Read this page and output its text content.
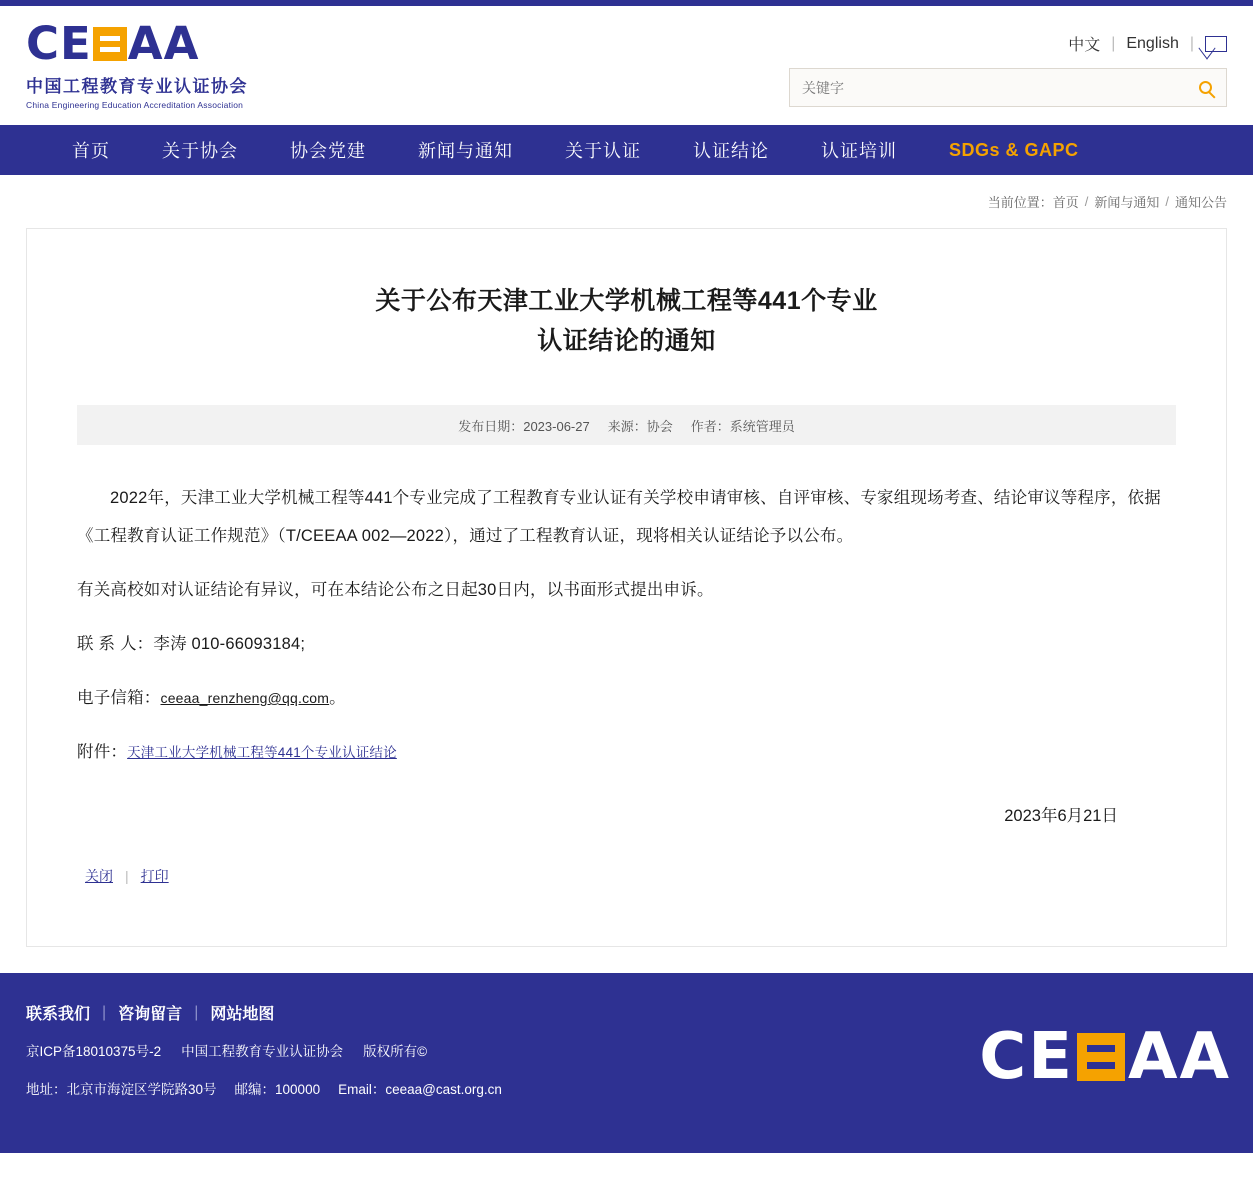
CE AA
中国工程教育专业认证协会
China Engineering Education Accreditation Association
中文 | English |
关键字
首页	关于协会	协会党建	新闻与通知	关于认证	认证结论	认证培训	SDGs & GAPC
当前位置： 首页 / 新闻与通知 / 通知公告
关于公布天津工业大学机械工程等441个专业
认证结论的通知
发布日期：2023-06-27 来源：协会 作者：系统管理员

2022年，天津工业大学机械工程等441个专业完成了工程教育专业认证有关学校申请审核、自评审核、专家组现场考查、结论审议等程序，依据《工程教育认证工作规范》（T/CEEAA 002—2022），通过了工程教育认证，现将相关认证结论予以公布。

有关高校如对认证结论有异议，可在本结论公布之日起30日内，以书面形式提出申诉。

联 系 人：李涛 010-66093184;

电子信箱：ceeaa_renzheng@qq.com。

附件：天津工业大学机械工程等441个专业认证结论

2023年6月21日
关闭 | 打印
联系我们 | 咨询留言 | 网站地图
京ICP备18010375号-2 中国工程教育专业认证协会 版权所有©
地址：北京市海淀区学院路30号 邮编：100000 Email：ceeaa@cast.org.cn	CE AA
